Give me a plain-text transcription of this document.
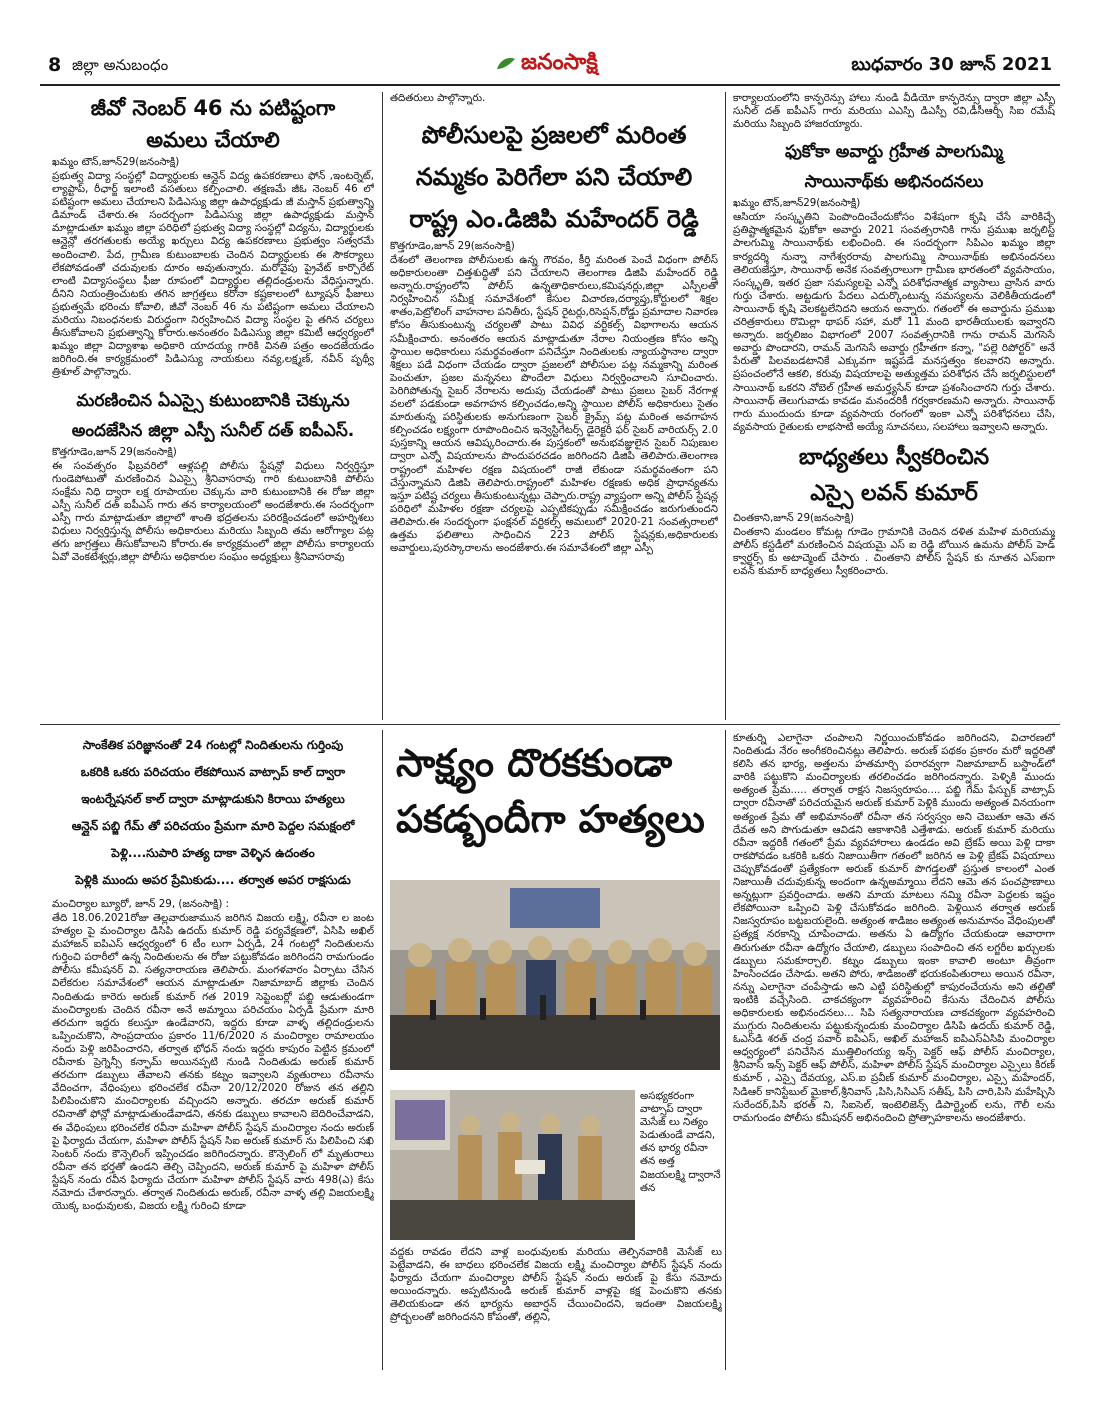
8 జిల్లా అనుబంధం	జనంసాక్షి	బుధవారం 30 జూన్ 2021

జీవో నెంబర్ 46 ను పటిష్టంగా

అమలు చేయాలి

ఖమ్మం టౌన్,జూన్29(జనంసాక్షి)

ప్రభుత్వ విద్యా సంస్థల్లో విద్యార్థులకు ఆన్లైన్ విద్య ఉపకరణాలు ఫోన్ ,ఇంటర్నెట్, ల్యాప్టాప్, రీఛార్జ్ ఇలాంటి వసతులు కల్పించాలి. తక్షణమే జీఓ నెంబర్ 46 లో పటిష్టంగా అమలు చేయాలని పిడిఎస్యు జిల్లా ఉపాధ్యక్షుడు జీ మస్తాన్ ప్రభుత్వాన్ని డిమాండ్ చేశారు.ఈ సందర్భంగా పిడిఎస్యు జిల్లా ఉపాధ్యక్షుడు మస్తాన్ మాట్లాడుతూ ఖమ్మం జిల్లా పరిధిలో ప్రభుత్వ విద్యా సంస్థల్లో విద్యను, విద్యార్థులకు ఆన్లైన్లో తరగతులకు అయ్యే ఖర్చులు విద్య ఉపకరణాలు ప్రభుత్వం సత్వరమే అందించాలి. పేద, గ్రామీణ కుటుంబాలకు చెందిన విద్యార్థులకు ఈ సౌకర్యాలు లేకపోవడంతో చదువులకు దూరం అవుతున్నారు. మరోవైపు ప్రైవేట్ కార్పొరేట్ లాంటి విద్యాసంస్థలు ఫీజు రూపంలో విద్యార్థుల తల్లిదండ్రులను వేధిస్తున్నారు. దీనిని నియంత్రించుటకు తగిన జాగ్రత్తలు కరోనా కష్టకాలంలో ట్యూషన్ ఫీజులు ప్రభుత్వమే భరించు కోవాలి, జీవో నెంబర్ 46 ను పటిష్టంగా అమలు చేయాలని మరియు నిబంధనలకు విరుద్ధంగా నిర్వహించిన విద్యా సంస్థల పై తగిన చర్యలు తీసుకోవాలని ప్రభుత్వాన్ని కోరారు.అనంతరం పిడిఎస్యు జిల్లా కమిటీ ఆధ్వర్యంలో ఖమ్మం జిల్లా విద్యాశాఖ అధికారి యాదయ్య గారికి వినతి పత్రం అందజేయడం జరిగింది.ఈ కార్యక్రమంలో పిడిఎస్యు నాయకులు నవ్య,లక్ష్మణ్, నవీన్ పృథ్వీ త్రిశూల్ పాల్గొన్నారు.

మరణించిన ఏఎస్సై కుటుంబానికి చెక్కును

అందజేసిన జిల్లా ఎస్పీ సునీల్ దత్ ఐపీఎస్.

కొత్తగూడెం,జూన్ 29(జనంసాక్షి)

ఈ సంవత్సరం ఫిబ్రవరిలో ఆళ్లపల్లి పోలీసు స్టేషన్లో విధులు నిర్వర్తిస్తూ గుండెపోటుతో మరణించిన ఏఎస్సై శ్రీనివాసరావు గారి కుటుంబానికి పోలీసు సంక్షేమ నిధి ద్వారా లక్ష రూపాయల చెక్కును వారి కుటుంబానికి ఈ రోజు జిల్లా ఎస్పీ సునీల్ దత్ ఐపీఎస్ గారు తన కార్యాలయంలో అందజేశారు.ఈ సందర్భంగా ఎస్పీ గారు మాట్లాడుతూ జిల్లాలో శాంతి భద్రతలను పరిరక్షించడంలో అహర్నిశలు విధులు నిర్వర్తిస్తున్న పోలీసు అధికారులు మరియు సిబ్బంది తమ ఆరోగ్యాల పట్ల తగు జాగ్రత్తలు తీసుకోవాలని కోరారు.ఈ కార్యక్రమంలో జిల్లా పోలీసు కార్యాలయ ఏవో వెంకటేశ్వర్లు,జిల్లా పోలీసు అధికారుల సంఘం అధ్యక్షులు శ్రీనివాసరావు

తదితరులు పాల్గొన్నారు.

పోలీసులపై ప్రజలలో మరింత

నమ్మకం పెరిగేలా పని చేయాలి

రాష్ట్ర ఎం.డిజిపి మహేందర్ రెడ్డి

కొత్తగూడెం,జూన్ 29(జనంసాక్షి)

దేశంలో తెలంగాణ పోలీసులకు ఉన్న గౌరవం, కీర్తి మరింత పెంచే విధంగా పోలీస్ అధికారులంతా చిత్తశుద్ధితో పని చేయాలని తెలంగాణ డిజిపి మహేందర్ రెడ్డి అన్నారు.రాష్ట్రంలోని పోలీస్ ఉన్నతాధికారులు,కమిషనర్లు,జిల్లా ఎస్పీలతో నిర్వహించిన సమీక్ష సమావేశంలో కేసుల విచారణ,దర్యాప్తు,కోర్టులలో శిక్షల శాతం,పెట్రోలింగ్ వాహనాల పనితీరు, స్టేషన్ రైటర్లు,రిసెప్షన్,రోడ్డు ప్రమాదాల నివారణ కోసం తీసుకుంటున్న చర్యలతో పాటు వివిధ వర్టికల్స్ విభాగాలను ఆయన సమీక్షించారు. అనంతరం ఆయన మాట్లాడుతూ నేరాల నియంత్రణ కోసం అన్ని స్థాయిల అధికారులు సమర్థవంతంగా పనిచేస్తూ నిందితులకు న్యాయస్థానాల ద్వారా శిక్షలు పడే విధంగా చేయడం ద్వారా ప్రజలలో పోలీసుల పట్ల నమ్మకాన్ని మరింత పెంచుతూ, ప్రజల మన్ననలు పొందేలా విధులు నిర్వర్తించాలని సూచించారు. పెరిగిపోతున్న సైబర్ నేరాలను అదుపు చేయడంతో పాటు ప్రజలు సైబర్ నేరగాళ్ల వలలో పడకుండా అవగాహన కల్పించడం,అన్ని స్థాయిల పోలీస్ అధికారులు సైతం మారుతున్న పరిస్థితులకు అనుగుణంగా సైబర్ క్రైమ్స్ పట్ల మరింత అవగాహన కల్పించడం లక్ష్యంగా రూపొందించిన ఇన్వెస్టిగేటర్స్ డైరెక్టరీ ఫర్ సైబర్ వారియర్స్ 2.0 పుస్తకాన్ని ఆయన ఆవిష్కరించారు.ఈ పుస్తకంలో అనుభవజ్ఞులైన సైబర్ నిపుణుల ద్వారా ఎన్నో విషయాలను పొందుపరచడం జరిగిందని డిజిపి తెలిపారు.తెలంగాణ రాష్ట్రంలో మహిళల రక్షణ విషయంలో రాజీ లేకుండా సమర్థవంతంగా పని చేస్తున్నామని డిజిపి తెలిపారు.రాష్ట్రంలో మహిళల రక్షణకు అధిక ప్రాధాన్యతను ఇస్తూ పటిష్ట చర్యలు తీసుకుంటున్నట్లు చెప్పారు.రాష్ట్ర వ్యాప్తంగా అన్ని పోలీస్ స్టేషన్ల పరిధిలో మహిళల రక్షణా చర్యలపై ఎప్పటికప్పుడు సమీక్షించడం జరుగుతుందని తెలిపారు.ఈ సందర్భంగా ఫంక్షనల్ వర్టికల్స్ అమలులో 2020-21 సంవత్సరాలలో ఉత్తమ ఫలితాలు సాధించిన 223 పోలీస్ స్టేషన్లకు,అధికారులకు అవార్డులు,పురస్కారాలను అందజేశారు.ఈ సమావేశంలో జిల్లా ఎస్పీ

కార్యాలయంలోని కాన్ఫరెన్సు హాలు నుండి వీడియో కాన్ఫరెన్సు ద్వారా జిల్లా ఎస్పీ సునీల్ దత్ ఐపీఎస్ గారు మరియు ఎఎస్పి డిఎస్పీ రవి,డీసీఆర్బీ సిఐ రమేష్ మరియు సిబ్బంది హాజరయ్యారు.

ఫుకోకా అవార్డు గ్రహీత పాలగుమ్మి

సాయినాథ్‌కు అభినందనలు

ఖమ్మం టౌన్,జూన్29(జనంసాక్షి)

ఆసియా సంస్కృతిని పెంపొందించేందుకోసం విశేషంగా కృషి చేసే వారికిచ్చే ప్రతిష్టాత్మకమైన ఫుకోకా అవార్డు 2021 సంవత్సరానికి గాను ప్రముఖ జర్నలిస్ట్ పాలగుమ్మి సాయినాథ్‌కు లభించింది. ఈ సందర్భంగా సిపిఎం ఖమ్మం జిల్లా కార్యదర్శి నున్నా నాగేశ్వరరావు పాలగుమ్మి సాయినాథ్‌కు అభినందనలు తెలియజేస్తూ, సాయినాథ్ అనేక సంవత్సరాలుగా గ్రామీణ భారతంలో వ్యవసాయం, సంస్కృతి, ఇతర ప్రజా సమస్యలపై ఎన్నో పరిశోధనాత్మక వ్యాసాలు వ్రాసిన వారు గుర్తు చేశారు. అట్టడుగు పేదలు ఎదుర్కొంటున్న సమస్యలను వెలికితీయడంలో సాయినాథ్ కృషి వెలకట్టలేనిదని ఆయన అన్నారు. గతంలో ఈ అవార్డును ప్రముఖ చరిత్రకారులు రొమిల్లా థాపర్ సహా, మరో 11 మంది భారతీయులకు ఇవ్వారని అన్నారు. జర్నలిజం విభాగంలో 2007 సంవత్సరానికి గాను రామన్ మెగసెసే అవార్డు పొందారని, రామన్ మెగసెసే అవార్డు గ్రహీతగా కన్నా, "పల్లె రిపోర్టర్" అనే పేరుతో పిలవబడటానికే ఎక్కువగా ఇష్టపడే మనస్తత్వం కలవారని అన్నారు. ప్రపంచంలోనే ఆకలి, కరువు విషయాలపై అత్యుత్తమ పరిశోధన చేసే జర్నలిస్టులలో సాయినాథ్ ఒకరని నోబెల్ గ్రహీత అమర్త్యసేన్ కూడా ప్రశంసించారని గుర్తు చేశారు. సాయినాథ్ తెలుగువాడు కావడం మనందరికీ గర్వకారణమని అన్నారు. సాయినాథ్ గారు ముందుందు కూడా వ్యవసాయ రంగంలో ఇంకా ఎన్నో పరిశోధనలు చేసి, వ్యవసాయ రైతులకు లాభసాటి అయ్యే సూచనలు, సలహాలు ఇవ్వాలని అన్నారు.

బాధ్యతలు స్వీకరించిన

ఎస్సై లవన్ కుమార్

చింతకాని,జూన్ 29(జనంసాక్షి)

చింతకాని మండలం కోమట్ల గూడెం గ్రామానికి చెందిన దళిత మహిళ మరియమ్మ పోలీస్ కస్టడీలో మరణించిన విషయమై ఎస్ ఐ రెడ్డి బోయిన ఉమను పోలీస్ హెడ్ క్వార్టర్స్ కు అటాచ్మెంట్ చేసారు . చింతకాని పోలీస్ స్టేషన్ కు నూతన ఎస్ఐగా లవన్ కుమార్ బాధ్యతలు స్వీకరించారు.

సాంకేతిక పరిజ్ఞానంతో 24 గంటల్లో నిందితులను గుర్తింపు

ఒకరికి ఒకరు పరిచయం లేకపోయిన వాట్సాప్ కాల్ ద్వారా

ఇంటర్నేషనల్ కాల్ ద్వారా మాట్లాడుకుని కిరాయి హత్యలు

ఆన్లైన్ పబ్జి గేమ్ తో పరిచయం ప్రేమగా మారి పెద్దల సమక్షంలో

పెళ్లి....సుపారి హత్య దాకా వెళ్ళిన ఉదంతం

పెళ్లికి ముందు అపర ప్రేమికుడు.... తర్వాత అపర రాక్షసుడు

మంచిర్యాల బ్యూరో, జూన్ 29, (జనంసాక్షి) :

తేది 18.06.2021రోజు తెల్లవారుజామున జరిగిన విజయ లక్ష్మి, రవీనా ల జంట హత్యల పై మంచిర్యాల డిసిపి ఉదయ్ కుమార్ రెడ్డి పర్యవేక్షణలో, ఏసిపి అఖిల్ మహాజన్ ఐపిఎస్ ఆధ్వర్యంలో 6 టీం లుగా ఏర్పడి, 24 గంటల్లో నిందితులను గుర్తించి పరారీలో ఉన్న నిందితులను ఈ రోజు పట్టుకోవడం జరిగిందని రామగుండం పోలీసు కమీషనర్ వి. సత్యనారాయణ తెలిపారు. మంగళవారం ఏర్పాటు చేసిన విలేకరుల సమావేశంలో ఆయన మాట్లాడుతూ నిజామాబాద్ జిల్లాకు చెందిన నిందితుడు కారెరు అరుణ్ కుమార్ గత 2019 సెప్టెంబర్లో పబ్జి ఆడుతుండగా మంచిర్యాలకు చెందిన రవీనా అనే అమ్మాయి పరిచయం ఏర్పడి ప్రేమగా మారి తరచుగా ఇద్దరు కలుస్తూ ఉండేవారని, ఇద్దరు కూడా వాళ్ళ తల్లిదండ్రులను ఒప్పించుకొని, సాంప్రదాయం ప్రకారం 11/6/2020 న మంచిర్యాల రామాలయం నందు పెళ్లి జరిపించారని, తర్వాత భోధన్ నందు ఇద్దరు కాపురం పెట్టిన క్రమంలో రవీనాకు ప్రెగ్నెన్సీ కన్ఫామ్ అయినప్పటి నుండి నిందితుడు అరుణ్ కుమార్ తరచుగా డబ్బులు తేవాలని తనకు కట్నం ఇవ్వాలని వ్యతురాలు రవీనాను వేదించగా, వేధింపులు భరించలేక రవీనా 20/12/2020 రోజున తన తల్లిని పిలిపించుకొని మంచిర్యాలకు వచ్చిందని అన్నారు. తరచూ అరుణ్ కుమార్ రవినాతో ఫోన్లో మాట్లాడుతుండేవాడని, తనకు డబ్బులు కావాలని బెదిరించేవాడని, ఈ వేధింపులు భరించలేక రవీనా మహిళా పోలీస్ స్టేషన్ మంచిర్యాల నందు అరుణ్ పై ఫిర్యాదు చేయగా, మహిళా పోలీస్ స్టేషన్ సిఐ అరుణ్ కుమార్ ను పిలిపించి సఖి సెంటర్ నందు కౌన్సెలింగ్ ఇప్పించడం జరిగిందన్నారు. కౌన్సెలింగ్ లో మృతురాలు రవీనా తన భర్తతో ఉండని తెల్చి చెప్పిందని, అరుణ్ కుమార్ పై మహిళా పోలీస్ స్టేషన్ నందు రవీన ఫిర్యాదు చేయగా మహిళా పోలీస్ స్టేషన్ వారు 498(ఎ) కేసు నమోదు చేశారన్నారు. తర్వాత నిందితుడు అరుణ్, రవీనా వాళ్ళ తల్లి విజయలక్ష్మి యొక్క బంధువులకు, విజయ లక్ష్మి గురించి కూడా

సాక్ష్యం దొరకకుండా

పకడ్బందీగా హత్యలు

అసభ్యకరంగా వాట్సాప్ ద్వారా మెసేజ్ లు నిత్యం పెడుతుండే వాడని, తన భార్య రవీనా తన అత్త విజయలక్ష్మి ద్వారానే తన

వద్దకు రావడం లేదని వాళ్ల బంధువులకు మరియు తెల్పినవారికి మెసేజ్ లు పెట్టేవాడని, ఈ బాధలు భరించలేక విజయ లక్ష్మి మంచిర్యాల పోలీస్ స్టేషన్ నందు ఫిర్యాదు చేయగా మంచిర్యాల పోలీస్ స్టేషన్ నందు అరుణ్ పై కేసు నమోదు అయిందన్నారు. అప్పటినుండి అరుణ్ కుమార్ వాళ్లపై కక్ష పెంచుకొని తనకు తెలియకుండా తన భార్యను అబార్షన్ చేయించిందని, ఇదంతా విజయలక్ష్మి ప్రోద్బలంతో జరిగిందనని కోపంతో, తల్లిని,

కూతుర్ని ఎలాగైనా చంపాలని నిర్ణయించుకోవడం జరిగిందని, విచారణలో నిందితుడు నేరం అంగీకరించినట్లు తెలిపారు. అరుణ్ పథకం ప్రకారం మరో ఇద్దరితో కలిసి తన భార్య, అత్తలను హతమార్చి పరారవ్వగా నిజామాబాద్ బస్టాండ్‌లో వారికి పట్టుకొని మంచిర్యాలకు తరలించడం జరిగిందన్నారు. పెళ్ళికి ముందు అత్యంత ప్రేమ..... తర్వాత రాక్షస నిజస్వరూపం.... పబ్జి గేమ్ ఫేస్బుక్ వాట్సాప్ ద్వారా రవీనాతో పరిచయమైన అరుణ్ కుమార్ పెళ్లికి ముందు అత్యంత వినయంగా అత్యంత ప్రేమ తో అభిమానంతో రవీనా తన సర్వస్వం అని చెబుతూ ఆమె తన దేవత అని పొగుడుతూ ఆవిడని ఆకాశానికి ఎత్తేశాడు. అరుణ్ కుమార్ మరియు రవీనా ఇద్దరికీ గతంలో ప్రేమ వ్యవహారాలు ఉండడం అవి బ్రేకప్ అయి పెళ్లి దాకా రాకపోవడం ఒకరికి ఒకరు నిజాయితీగా గతంలో జరిగిన ఆ పెళ్లి బ్రేకప్ విషయాలు చెప్పుకోవడంతో ప్రత్యేకంగా అరుణ్ కుమార్ పొగడ్తలతో ప్రస్తుత కాలంలో ఎంత నిజాయితీ చదువుకున్న అందంగా ఉన్నఅమ్మాయి లేదని ఆమె తన పంచప్రాణాలు అన్నట్లుగా ప్రవర్తించాడు. అతని మాయ మాటలు నమ్మి రవీనా పెద్దలకు ఇష్టం లేకపోయినా ఒప్పించి పెళ్లి చేసుకోవడం జరిగింది. పెళ్లియిన తర్వాత అరుణ్ నిజస్వరూపం బట్టబయలైంది. అత్యంత శాడిజం అత్యంత అనుమానం వేధింపులతో ప్రత్యక్ష నరకాన్ని చూపించాడు. అతను ఏ ఉద్యోగం చేయకుండా ఆవారాగా తిరుగుతూ రవీనా ఉద్యోగం చేయాలి, డబ్బులు సంపాదించి తన లగ్జరీల ఖర్చులకు డబ్బులు సమకూర్చాలి. కట్నం డబ్బులు ఇంకా కావాలి అంటూ తీవ్రంగా హింసించడం చేసాడు. అతని పోరు, శాడిజంతో భయకంపితురాలు అయిన రవీనా, నన్ను ఎలాగైనా చంపేస్తాడు అని ఎట్టి పరిస్థితుల్లో కాపురంచేయను అని తల్లితో ఇంటికి వచ్చేసింది. చాకచక్యంగా వ్యవహరించి కేసును చేదించిన పోలీసు అధికారులకు అభినందనలు... సిపి సత్యనారాయణ చాకచక్యంగా వ్యవహరించి ముగ్గురు నిందితులను పట్టుకున్నందుకు మంచిర్యాల డిసిపి ఉదయ్ కుమార్ రెడ్డి, ఓఎస్‌డి శరత్ చంద్ర పవార్ ఐపిఎస్, అఖిల్ మహాజన్ ఐపిఎస్ఏసిపి మంచిర్యాల ఆధ్వర్యంలో పనిచేసిన ముత్తిలింగయ్య ఇన్స్ పెక్టర్ ఆఫ్ పోలీస్ మంచిర్యాల, శ్రీనివాస్ ఇన్స్ పెక్టర్ ఆఫ్ పోలీస్, మహిళా పోలీస్ స్టేషన్ మంచిర్యాల ఎస్సైలు కిరణ్ కుమార్ , ఎస్సై దేవయ్య, ఎస్.ఐ ప్రవీణ్ కుమార్ మంచిర్యాల, ఎస్సై మహేందర్, సిడిఆర్ కానిస్టేబుల్ మైకాల్,శ్రీనివాస్ ,పిసి,సిసిఎస్ సతీష్, పిసి చారి,పిసి మహేష్సిసి సురేందర్,పిసి భరత్ ని, సిఐసెల్, ఇంటెలిజెన్స్ డిపార్ట్మెంట్ లను, గౌలీ లను రామగుండం పోలీసు కమీషనర్ అభినందించి ప్రోత్సాహకాలను అందజేశారు.
